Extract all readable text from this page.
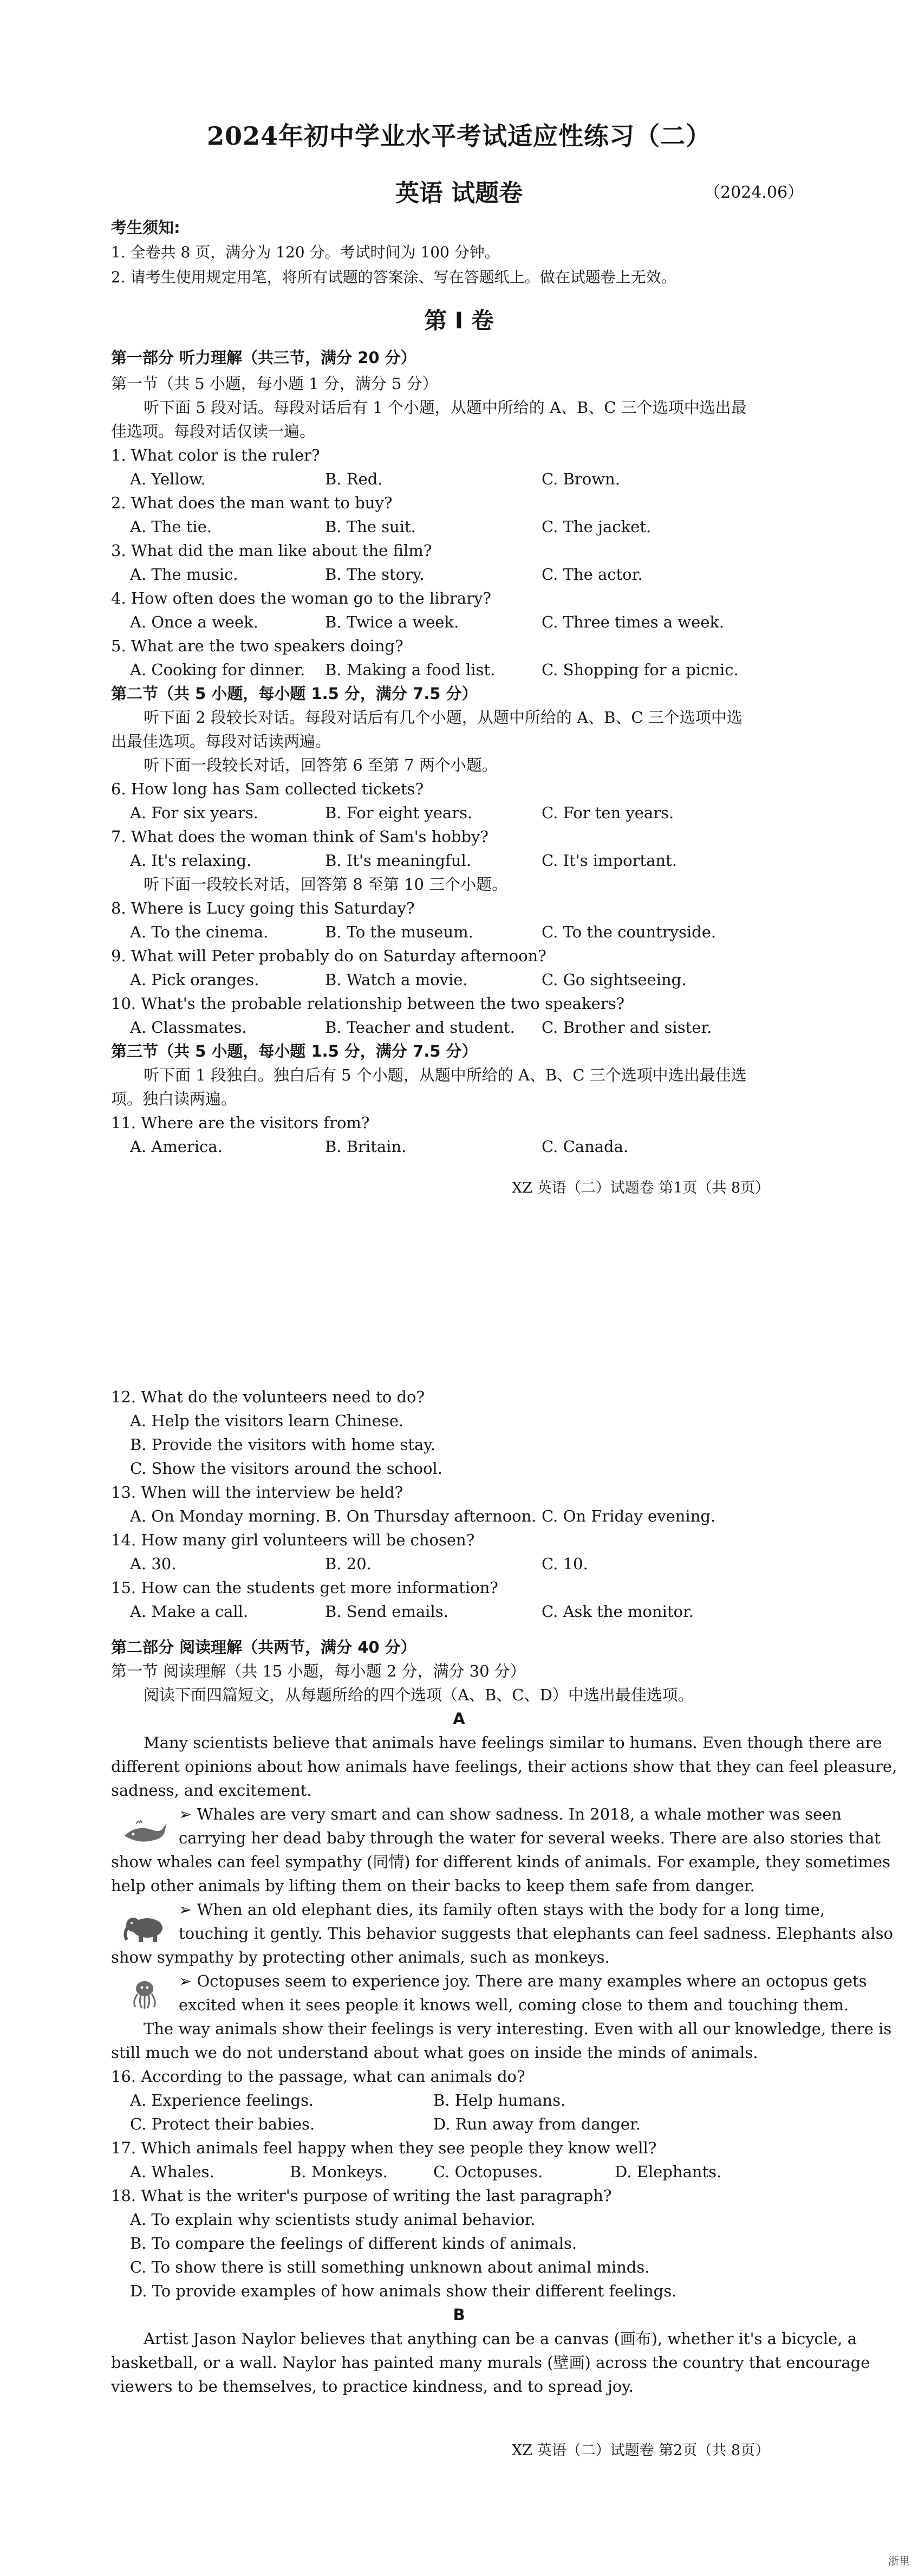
2024年初中学业水平考试适应性练习（二）
英语 试题卷	（2024.06）
考生须知:
1. 全卷共 8 页，满分为 120 分。考试时间为 100 分钟。
2. 请考生使用规定用笔，将所有试题的答案涂、写在答题纸上。做在试题卷上无效。
第 I 卷
第一部分 听力理解（共三节，满分 20 分）
第一节（共 5 小题，每小题 1 分，满分 5 分）
听下面 5 段对话。每段对话后有 1 个小题，从题中所给的 A、B、C 三个选项中选出最
佳选项。每段对话仅读一遍。
1. What color is the ruler?
A. Yellow.	B. Red.	C. Brown.
2. What does the man want to buy?
A. The tie.	B. The suit.	C. The jacket.
3. What did the man like about the film?
A. The music.	B. The story.	C. The actor.
4. How often does the woman go to the library?
A. Once a week.	B. Twice a week.	C. Three times a week.
5. What are the two speakers doing?
A. Cooking for dinner. B. Making a food list.	C. Shopping for a picnic.
第二节（共 5 小题，每小题 1.5 分，满分 7.5 分）
听下面 2 段较长对话。每段对话后有几个小题，从题中所给的 A、B、C 三个选项中选
出最佳选项。每段对话读两遍。
听下面一段较长对话，回答第 6 至第 7 两个小题。
6. How long has Sam collected tickets?
A. For six years.	B. For eight years.	C. For ten years.
7. What does the woman think of Sam's hobby?
A. It's relaxing.	B. It's meaningful.	C. It's important.
听下面一段较长对话，回答第 8 至第 10 三个小题。
8. Where is Lucy going this Saturday?
A. To the cinema.	B. To the museum.	C. To the countryside.
9. What will Peter probably do on Saturday afternoon?
A. Pick oranges.	B. Watch a movie.	C. Go sightseeing.
10. What's the probable relationship between the two speakers?
A. Classmates.	B. Teacher and student. C. Brother and sister.
第三节（共 5 小题，每小题 1.5 分，满分 7.5 分）
听下面 1 段独白。独白后有 5 个小题，从题中所给的 A、B、C 三个选项中选出最佳选
项。独白读两遍。
11. Where are the visitors from?
A. America.	B. Britain.	C. Canada.
XZ 英语（二）试题卷 第1页（共 8页）
12. What do the volunteers need to do?
A. Help the visitors learn Chinese.
B. Provide the visitors with home stay.
C. Show the visitors around the school.
13. When will the interview be held?
A. On Monday morning. B. On Thursday afternoon. C. On Friday evening.
14. How many girl volunteers will be chosen?
A. 30.	B. 20.	C. 10.
15. How can the students get more information?
A. Make a call.	B. Send emails.	C. Ask the monitor.
第二部分 阅读理解（共两节，满分 40 分）
第一节 阅读理解（共 15 小题，每小题 2 分，满分 30 分）
阅读下面四篇短文，从每题所给的四个选项（A、B、C、D）中选出最佳选项。
A
Many scientists believe that animals have feelings similar to humans. Even though there are
different opinions about how animals have feelings, their actions show that they can feel pleasure,
sadness, and excitement.
➢ Whales are very smart and can show sadness. In 2018, a whale mother was seen
carrying her dead baby through the water for several weeks. There are also stories that
show whales can feel sympathy (同情) for different kinds of animals. For example, they sometimes
help other animals by lifting them on their backs to keep them safe from danger.
➢ When an old elephant dies, its family often stays with the body for a long time,
touching it gently. This behavior suggests that elephants can feel sadness. Elephants also
show sympathy by protecting other animals, such as monkeys.
➢ Octopuses seem to experience joy. There are many examples where an octopus gets
excited when it sees people it knows well, coming close to them and touching them.
The way animals show their feelings is very interesting. Even with all our knowledge, there is
still much we do not understand about what goes on inside the minds of animals.
16. According to the passage, what can animals do?
A. Experience feelings.	B. Help humans.
C. Protect their babies.	D. Run away from danger.
17. Which animals feel happy when they see people they know well?
A. Whales.	B. Monkeys.	C. Octopuses.	D. Elephants.
18. What is the writer's purpose of writing the last paragraph?
A. To explain why scientists study animal behavior.
B. To compare the feelings of different kinds of animals.
C. To show there is still something unknown about animal minds.
D. To provide examples of how animals show their different feelings.
B
Artist Jason Naylor believes that anything can be a canvas (画布), whether it's a bicycle, a
basketball, or a wall. Naylor has painted many murals (壁画) across the country that encourage
viewers to be themselves, to practice kindness, and to spread joy.
XZ 英语（二）试题卷 第2页（共 8页）
浙里
